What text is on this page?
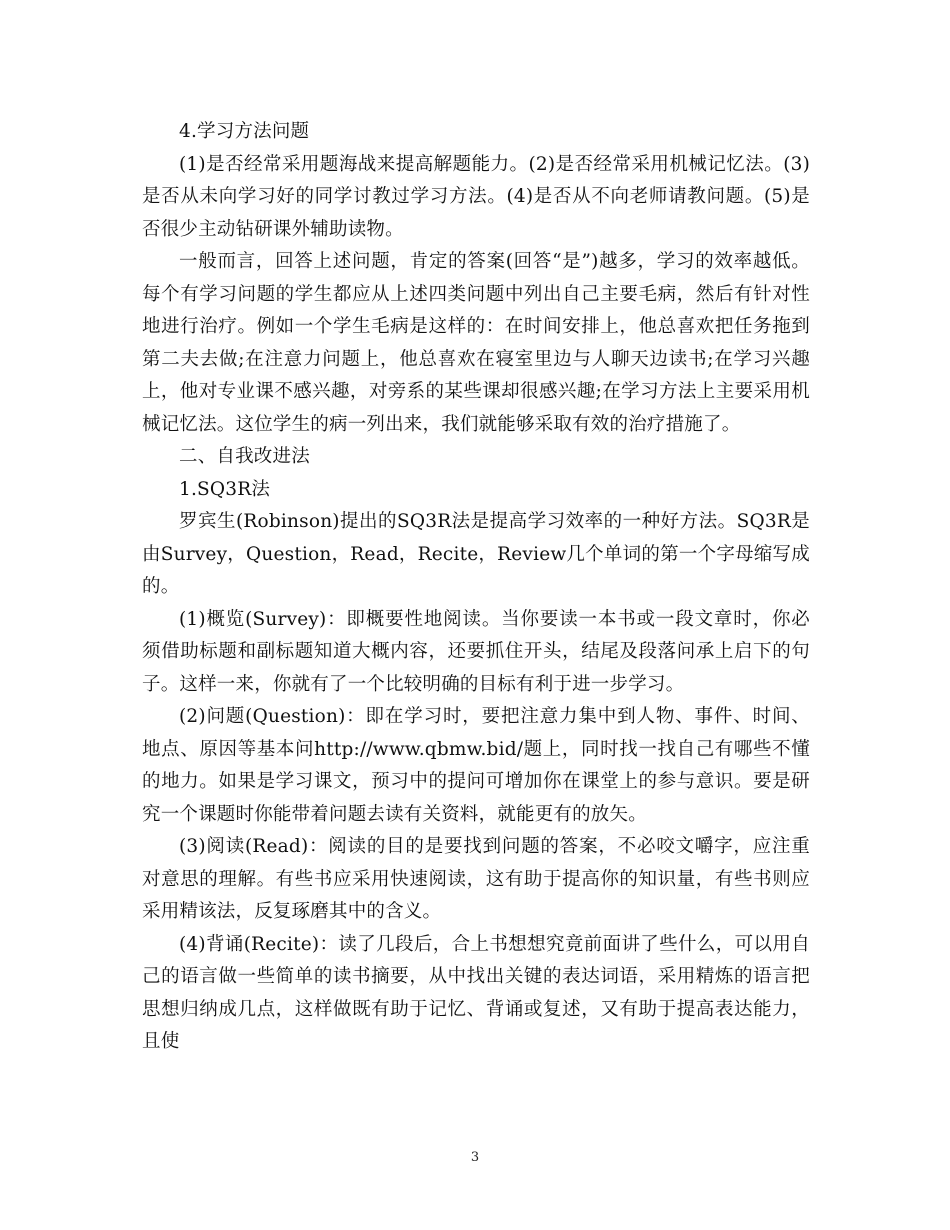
4.学习方法问题

(1)是否经常采用题海战来提高解题能力。(2)是否经常采用机械记忆法。(3)是否从未向学习好的同学讨教过学习方法。(4)是否从不向老师请教问题。(5)是否很少主动钻研课外辅助读物。

一般而言，回答上述问题，肯定的答案(回答“是”)越多，学习的效率越低。每个有学习问题的学生都应从上述四类问题中列出自己主要毛病，然后有针对性地进行治疗。例如一个学生毛病是这样的：在时间安排上，他总喜欢把任务拖到第二夫去做;在注意力问题上，他总喜欢在寝室里边与人聊天边读书;在学习兴趣上，他对专业课不感兴趣，对旁系的某些课却很感兴趣;在学习方法上主要采用机械记忆法。这位学生的病一列出来，我们就能够采取有效的治疗措施了。

二、自我改进法

1.SQ3R法

罗宾生(Robinson)提出的SQ3R法是提高学习效率的一种好方法。SQ3R是由Survey，Question，Read，Recite，Review几个单词的第一个字母缩写成的。

(1)概览(Survey)：即概要性地阅读。当你要读一本书或一段文章时，你必须借助标题和副标题知道大概内容，还要抓住开头，结尾及段落问承上启下的句子。这样一来，你就有了一个比较明确的目标有利于进一步学习。

(2)问题(Question)：即在学习时，要把注意力集中到人物、事件、时间、地点、原因等基本问http://www.qbmw.bid/题上，同时找一找自己有哪些不懂的地力。如果是学习课文，预习中的提问可增加你在课堂上的参与意识。要是研究一个课题时你能带着问题去读有关资料，就能更有的放矢。

(3)阅读(Read)：阅读的目的是要找到问题的答案，不必咬文嚼字，应注重对意思的理解。有些书应采用快速阅读，这有助于提高你的知识量，有些书则应采用精该法，反复琢磨其中的含义。

(4)背诵(Recite)：读了几段后，合上书想想究竟前面讲了些什么，可以用自己的语言做一些简单的读书摘要，从中找出关键的表达词语，采用精炼的语言把思想归纳成几点，这样做既有助于记忆、背诵或复述，又有助于提高表达能力，且使

3
